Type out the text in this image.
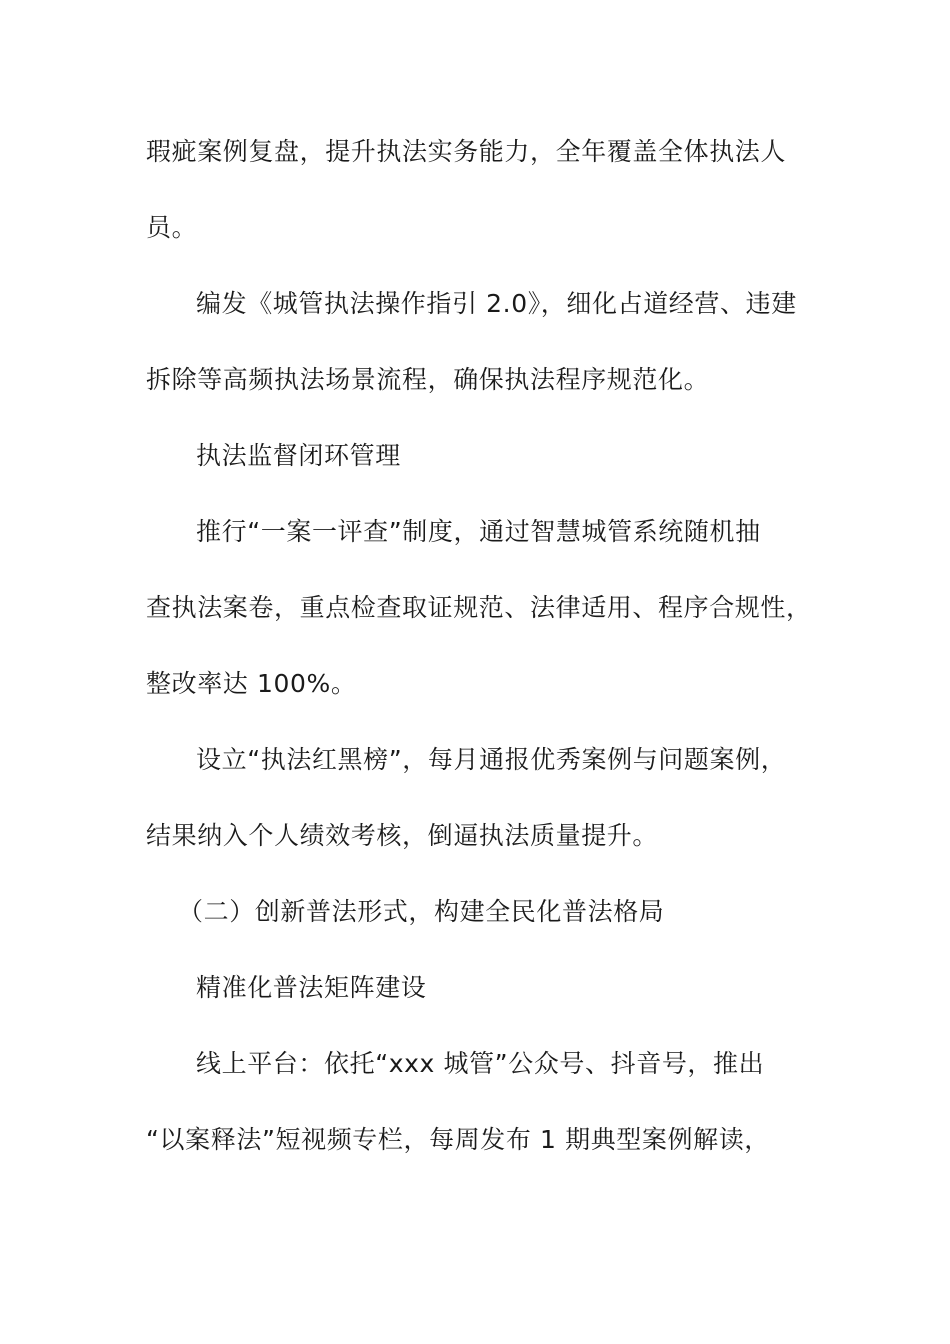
瑕疵案例复盘，提升执法实务能力，全年覆盖全体执法人
员。
编发《城管执法操作指引 2.0》，细化占道经营、违建
拆除等高频执法场景流程，确保执法程序规范化。
执法监督闭环管理
推行“一案一评查”制度，通过智慧城管系统随机抽
查执法案卷，重点检查取证规范、法律适用、程序合规性，
整改率达 100%。
设立“执法红黑榜”，每月通报优秀案例与问题案例，
结果纳入个人绩效考核，倒逼执法质量提升。
（二）创新普法形式，构建全民化普法格局
精准化普法矩阵建设
线上平台：依托“xxx 城管”公众号、抖音号，推出
“以案释法”短视频专栏，每周发布 1 期典型案例解读，
